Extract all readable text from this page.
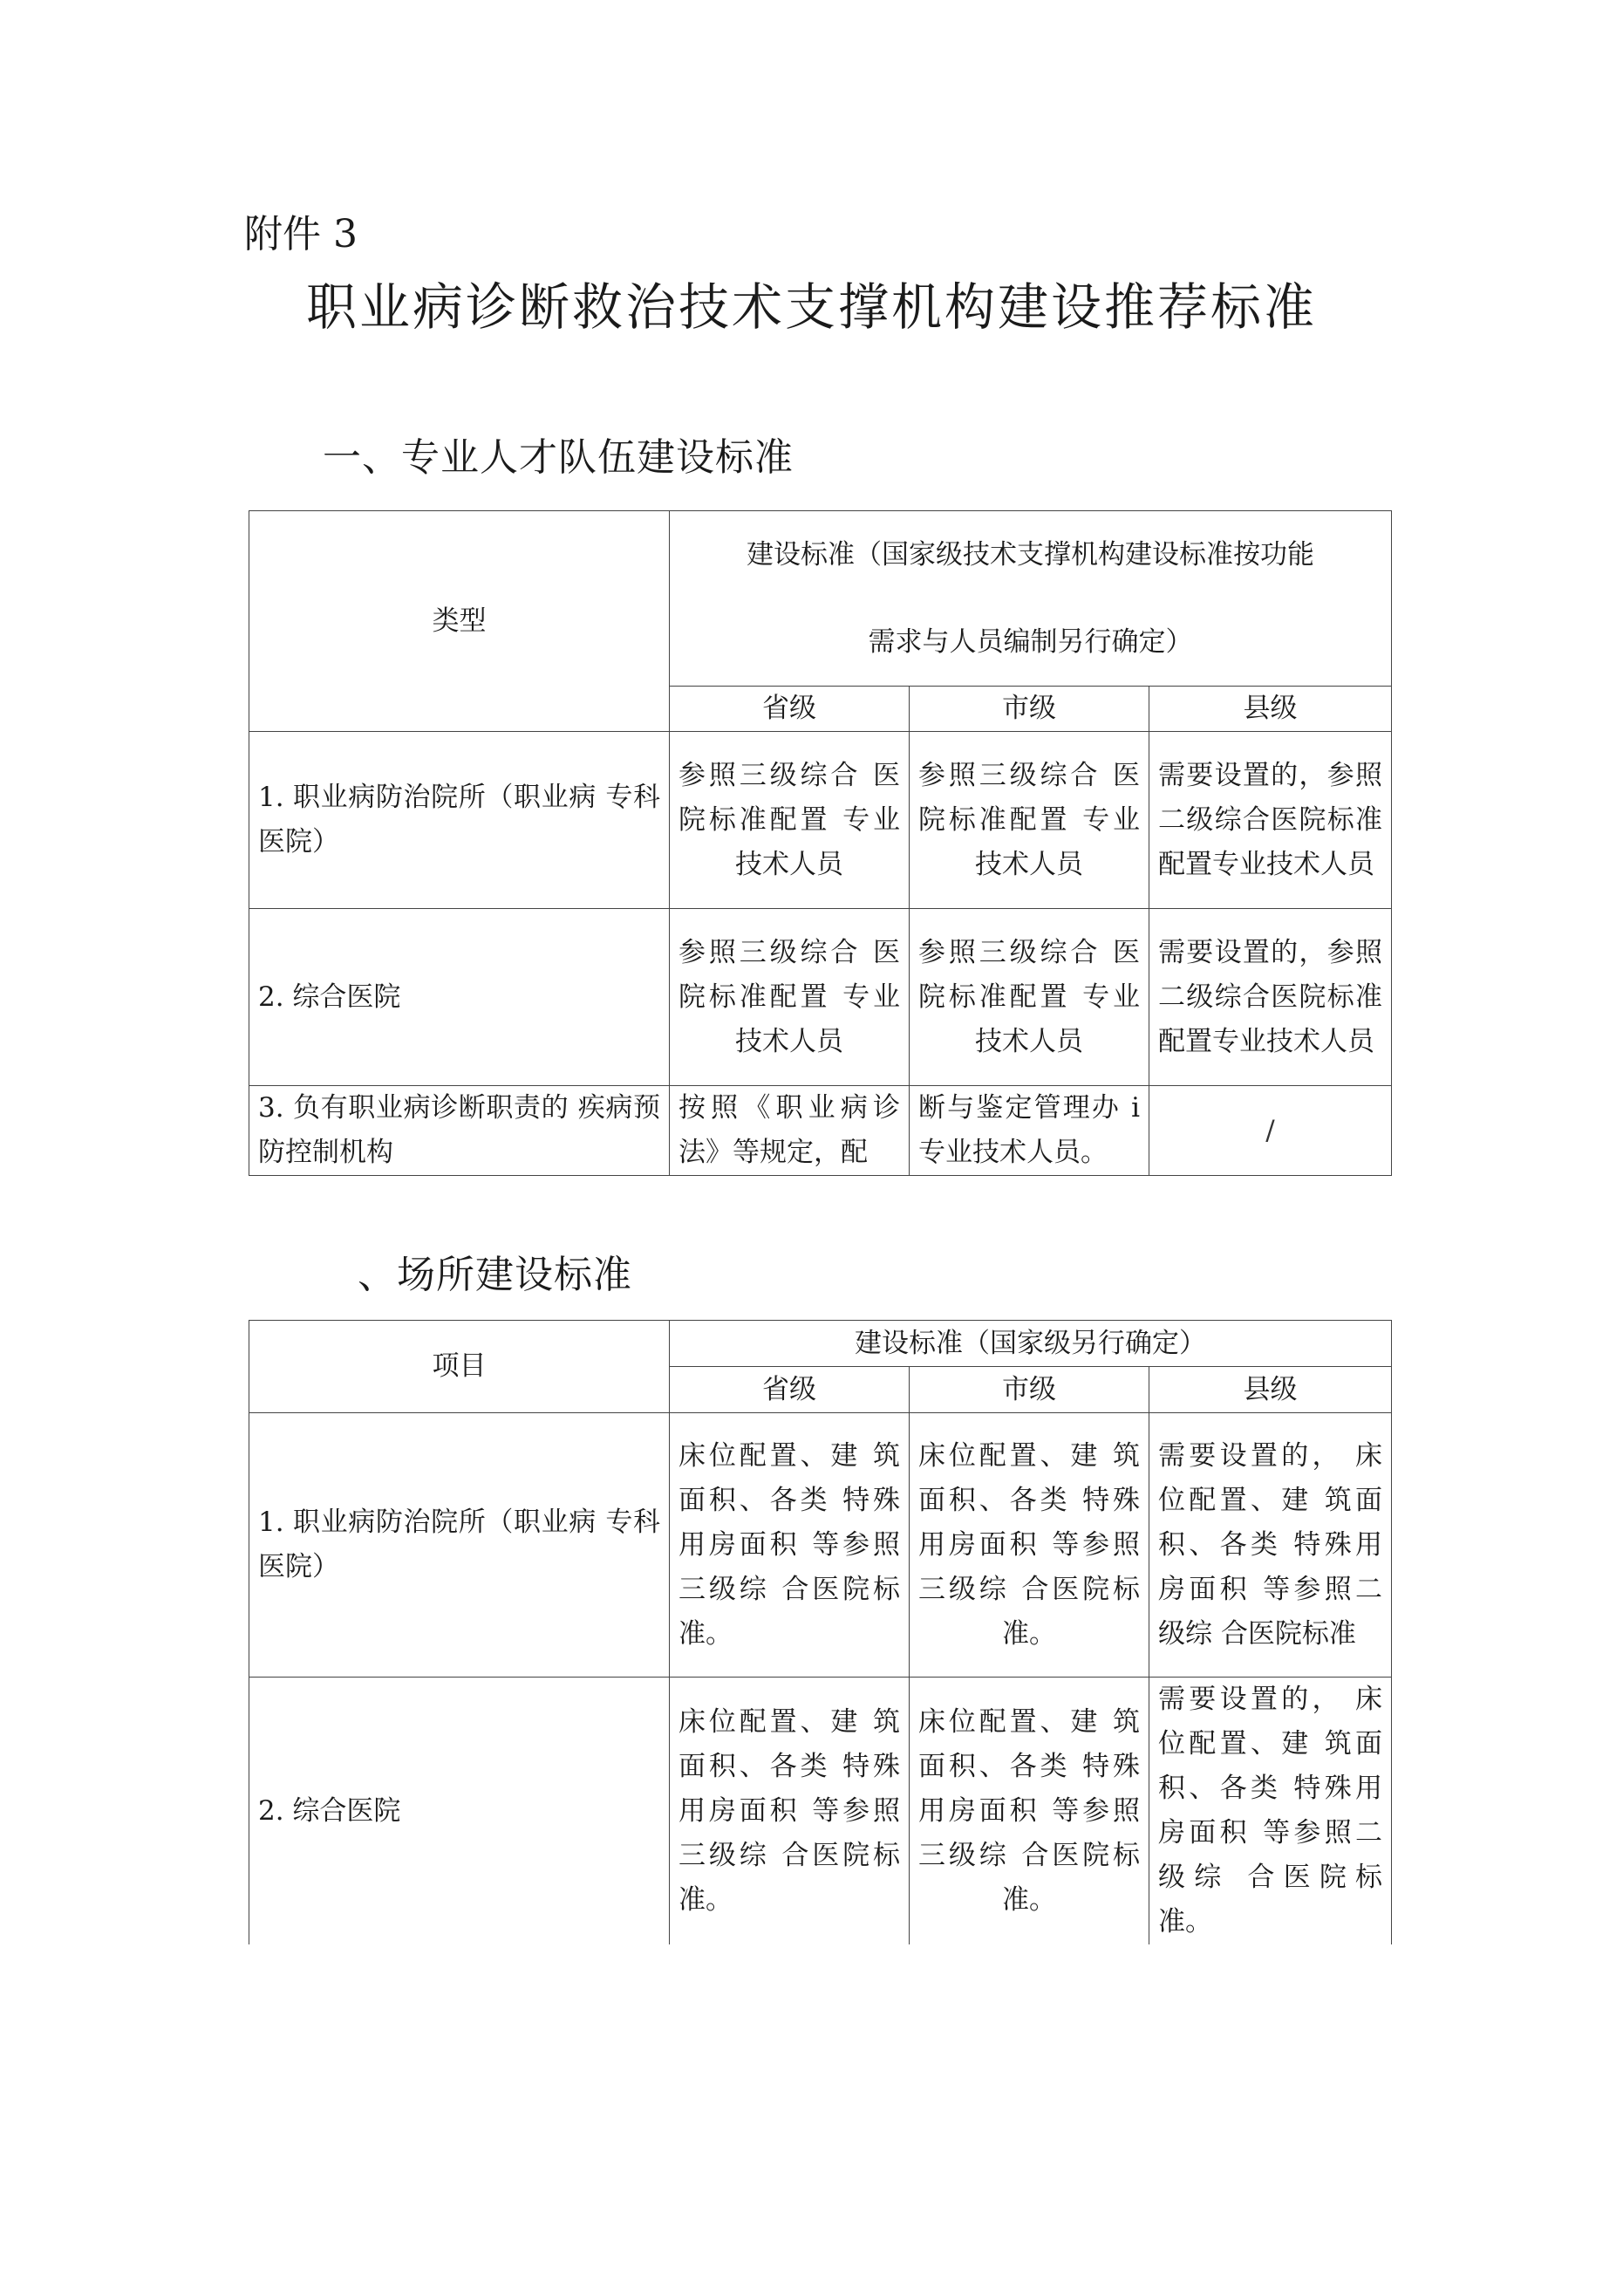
附件 3
职业病诊断救治技术支撑机构建设推荐标准
一、专业人才队伍建设标准
类型	建设标准（国家级技术支撑机构建设标准按功能
需求与人员编制另行确定）		

	省级	市级	县级
1. 职业病防治院所（职业病 专科医院）	参照三级综合 医院标准配置 专业技术人员	参照三级综合 医院标准配置 专业技术人员	需要设置的，参照二级综合医院标准配置专业技术人员
2. 综合医院	参照三级综合 医院标准配置 专业技术人员	参照三级综合 医院标准配置 专业技术人员	需要设置的，参照二级综合医院标准配置专业技术人员
3. 负有职业病诊断职责的 疾病预防控制机构	按照《职业病诊法》等规定，配	断与鉴定管理办 i 专业技术人员。	/
、场所建设标准
项目	建设标准（国家级另行确定）		
	省级	市级	县级
1. 职业病防治院所（职业病 专科医院）	床位配置、建 筑面积、各类 特殊用房面积 等参照三级综 合医院标准。	床位配置、建 筑面积、各类 特殊用房面积 等参照三级综 合医院标准。	需要设置的， 床位配置、建 筑面积、各类 特殊用房面积 等参照二级综 合医院标准
2. 综合医院	床位配置、建 筑面积、各类 特殊用房面积 等参照三级综 合医院标准。	床位配置、建 筑面积、各类 特殊用房面积 等参照三级综 合医院标准。	需要设置的， 床位配置、建 筑面积、各类 特殊用房面积 等参照二级综 合医院标准。
